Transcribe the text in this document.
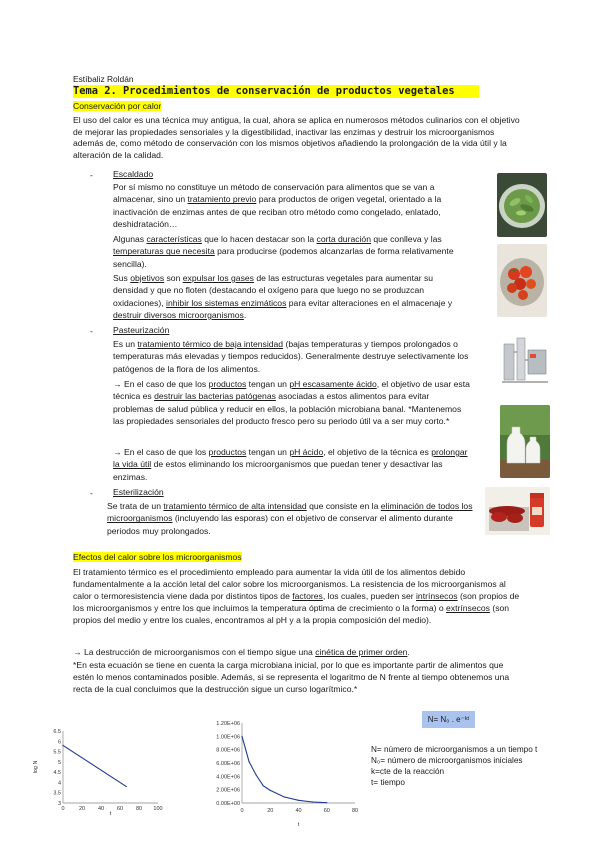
Estíbaliz Roldán
Tema 2. Procedimientos de conservación de productos vegetales
Conservación por calor
El uso del calor es una técnica muy antigua, la cual, ahora se aplica en numerosos métodos culinarios con el objetivo de mejorar las propiedades sensoriales y la digestibilidad, inactivar las enzimas y destruir los microorganismos además de, como método de conservación con los mismos objetivos añadiendo la prolongación de la vida útil y la alteración de la calidad.
- Escaldado
Por sí mismo no constituye un método de conservación para alimentos que se van a almacenar, sino un tratamiento previo para productos de origen vegetal, orientado a la inactivación de enzimas antes de que reciban otro método como congelado, enlatado, deshidratación…
Algunas características que lo hacen destacar son la corta duración que conlleva y las temperaturas que necesita para producirse (podemos alcanzarlas de forma relativamente sencilla).
Sus objetivos son expulsar los gases de las estructuras vegetales para aumentar su densidad y que no floten (destacando el oxígeno para que luego no se produzcan oxidaciones), inhibir los sistemas enzimáticos para evitar alteraciones en el almacenaje y destruir diversos microorganismos.
- Pasteurización
Es un tratamiento térmico de baja intensidad (bajas temperaturas y tiempos prolongados o temperaturas más elevadas y tiempos reducidos). Generalmente destruye selectivamente los patógenos de la flora de los alimentos.
→ En el caso de que los productos tengan un pH escasamente ácido, el objetivo de usar esta técnica es destruir las bacterias patógenas asociadas a estos alimentos para evitar problemas de salud pública y reducir en ellos, la población microbiana banal. *Mantenemos las propiedades sensoriales del producto fresco pero su periodo útil va a ser muy corto.*
→ En el caso de que los productos tengan un pH ácido, el objetivo de la técnica es prolongar la vida útil de estos eliminando los microorganismos que puedan tener y desactivar las enzimas.
- Esterilización
Se trata de un tratamiento térmico de alta intensidad que consiste en la eliminación de todos los microorganismos (incluyendo las esporas) con el objetivo de conservar el alimento durante periodos muy prolongados.
Efectos del calor sobre los microorganismos
El tratamiento térmico es el procedimiento empleado para aumentar la vida útil de los alimentos debido fundamentalmente a la acción letal del calor sobre los microorganismos. La resistencia de los microorganismos al calor o termoresistencia viene dada por distintos tipos de factores, los cuales, pueden ser intrínsecos (son propios de los microorganismos y entre los que incluimos la temperatura óptima de crecimiento o la forma) o extrínsecos (son propios del medio y entre los cuales, encontramos al pH y a la propia composición del medio).
→ La destrucción de microorganismos con el tiempo sigue una cinética de primer orden.
*En esta ecuación se tiene en cuenta la carga microbiana inicial, por lo que es importante partir de alimentos que estén lo menos contaminados posible. Además, si se representa el logaritmo de N frente al tiempo obtenemos una recta de la cual concluimos que la destrucción sigue un curso logarítmico.*
N= N₀ . e⁻ᵏᵗ
N= número de microorganismos a un tiempo t
N₀= número de microorganismos iniciales
k=cte de la reacción
t= tiempo
0	20 40 60 80 100
3
3.5
4
4.5
5
5.5
6
6.5
t
log N
0	20	40	60	80
0.00E+00
2.00E+06
4.00E+06
6.00E+06
8.00E+06
1.00E+06
1.20E+06
t
